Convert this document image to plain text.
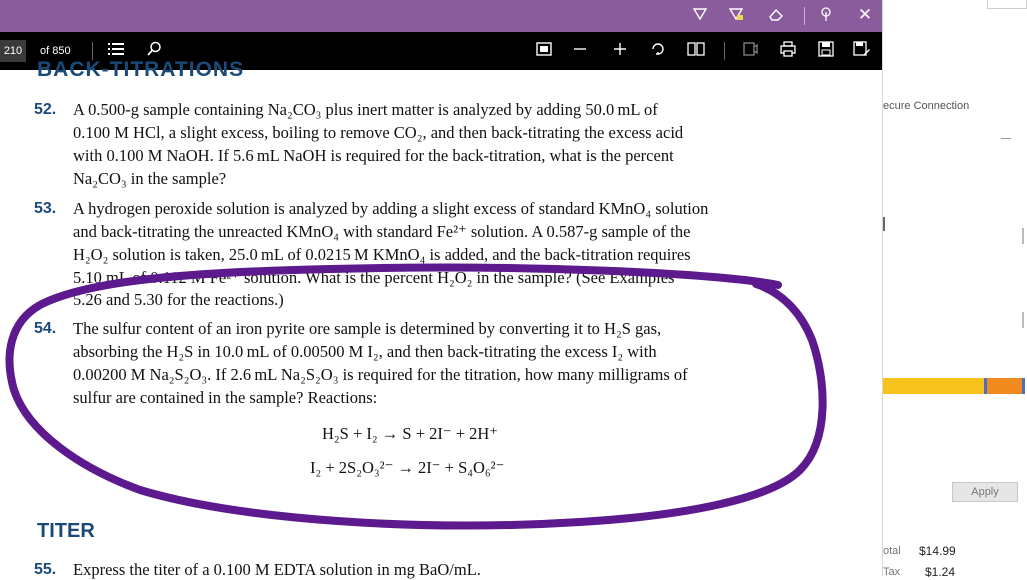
ecure Connection
Apply
otal $14.99
Tax $1.24
✕
210	of 850
BACK-TITRATIONS
52. A 0.500-g sample containing Na₂CO₃ plus inert matter is analyzed by adding 50.0 mL of
0.100 M HCl, a slight excess, boiling to remove CO₂, and then back-titrating the excess acid
with 0.100 M NaOH. If 5.6 mL NaOH is required for the back-titration, what is the percent
Na₂CO₃ in the sample?
53. A hydrogen peroxide solution is analyzed by adding a slight excess of standard KMnO₄ solution
and back-titrating the unreacted KMnO₄ with standard Fe²⁺ solution. A 0.587-g sample of the
H₂O₂ solution is taken, 25.0 mL of 0.0215 M KMnO₄ is added, and the back-titration requires
5.10 mL of 0.112 M Fe²⁺ solution. What is the percent H₂O₂ in the sample? (See Examples
5.26 and 5.30 for the reactions.)
54. The sulfur content of an iron pyrite ore sample is determined by converting it to H₂S gas,
absorbing the H₂S in 10.0 mL of 0.00500 M I₂, and then back-titrating the excess I₂ with
0.00200 M Na₂S₂O₃. If 2.6 mL Na₂S₂O₃ is required for the titration, how many milligrams of
sulfur are contained in the sample? Reactions:
H₂S + I₂ → S + 2I⁻ + 2H⁺
I₂ + 2S₂O₃²⁻ → 2I⁻ + S₄O₆²⁻
TITER
55. Express the titer of a 0.100 M EDTA solution in mg BaO/mL.
